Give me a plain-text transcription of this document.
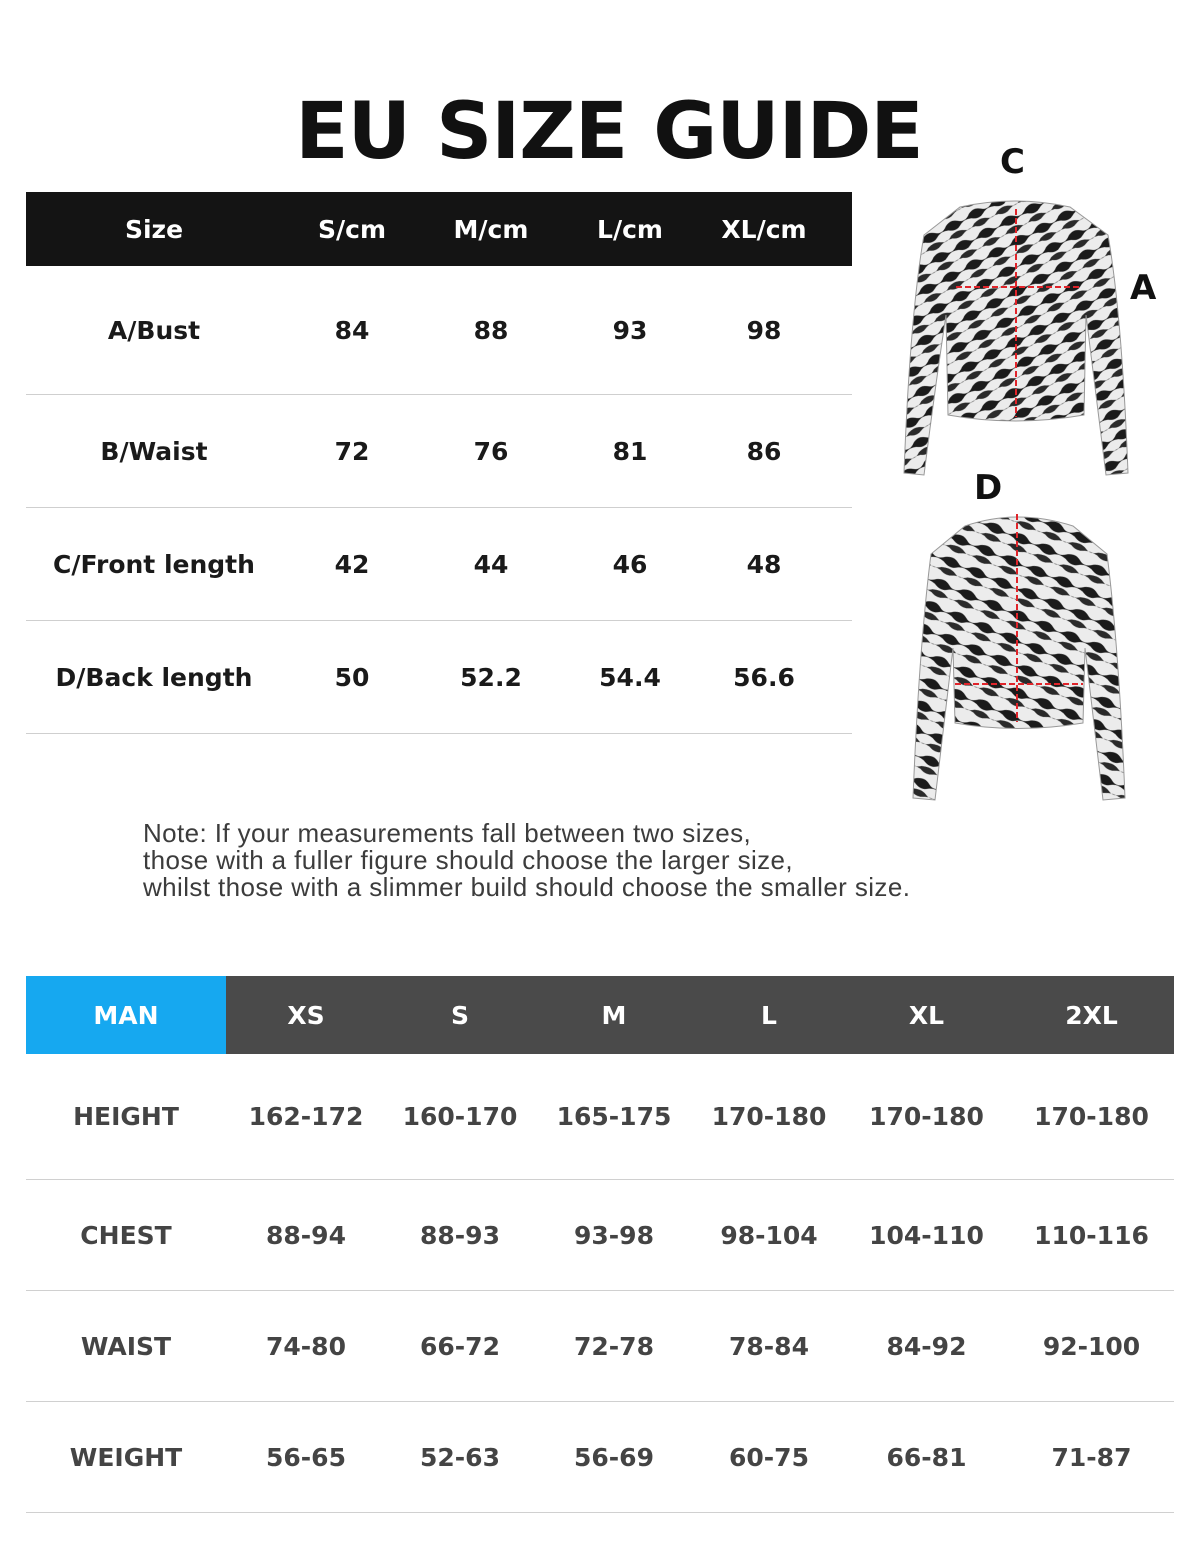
EU SIZE GUIDE
Size	S/cm	M/cm	L/cm	XL/cm
A/Bust	84	88	93	98
B/Waist	72	76	81	86
C/Front length	42	44	46	48
D/Back length	50	52.2	54.4	56.6
C
A
D
Note: If your measurements fall between two sizes,
those with a fuller figure should choose the larger size,
whilst those with a slimmer build should choose the smaller size.
MAN	XS	S	M	L	XL	2XL
HEIGHT	162-172	160-170	165-175	170-180	170-180	170-180
CHEST	88-94	88-93	93-98	98-104	104-110	110-116
WAIST	74-80	66-72	72-78	78-84	84-92	92-100
WEIGHT	56-65	52-63	56-69	60-75	66-81	71-87
